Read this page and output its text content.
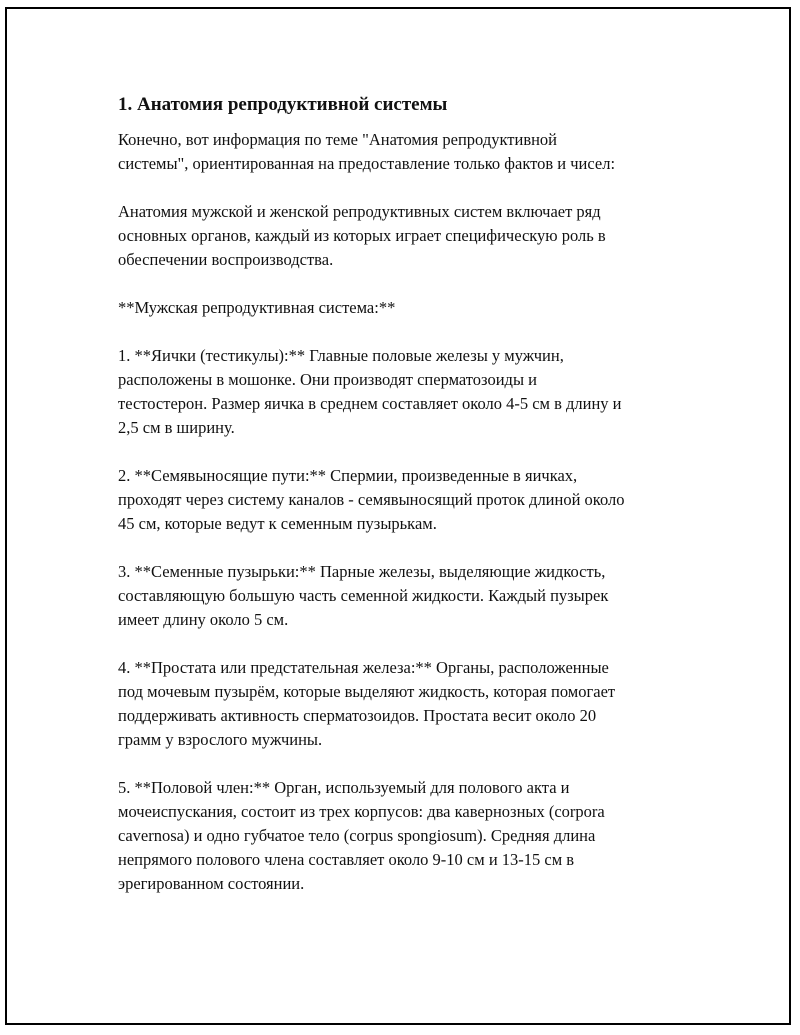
1. Анатомия репродуктивной системы

Конечно, вот информация по теме "Анатомия репродуктивной
системы", ориентированная на предоставление только фактов и чисел:

Анатомия мужской и женской репродуктивных систем включает ряд
основных органов, каждый из которых играет специфическую роль в
обеспечении воспроизводства.

**Мужская репродуктивная система:**

1. **Яички (тестикулы):** Главные половые железы у мужчин,
расположены в мошонке. Они производят сперматозоиды и
тестостерон. Размер яичка в среднем составляет около 4-5 см в длину и
2,5 см в ширину.

2. **Семявыносящие пути:** Спермии, произведенные в яичках,
проходят через систему каналов - семявыносящий проток длиной около
45 см, которые ведут к семенным пузырькам.

3. **Семенные пузырьки:** Парные железы, выделяющие жидкость,
составляющую большую часть семенной жидкости. Каждый пузырек
имеет длину около 5 см.

4. **Простата или предстательная железа:** Органы, расположенные
под мочевым пузырём, которые выделяют жидкость, которая помогает
поддерживать активность сперматозоидов. Простата весит около 20
грамм у взрослого мужчины.

5. **Половой член:** Орган, используемый для полового акта и
мочеиспускания, состоит из трех корпусов: два кавернозных (corpora
cavernosa) и одно губчатое тело (corpus spongiosum). Средняя длина
непрямого полового члена составляет около 9-10 см и 13-15 см в
эрегированном состоянии.
